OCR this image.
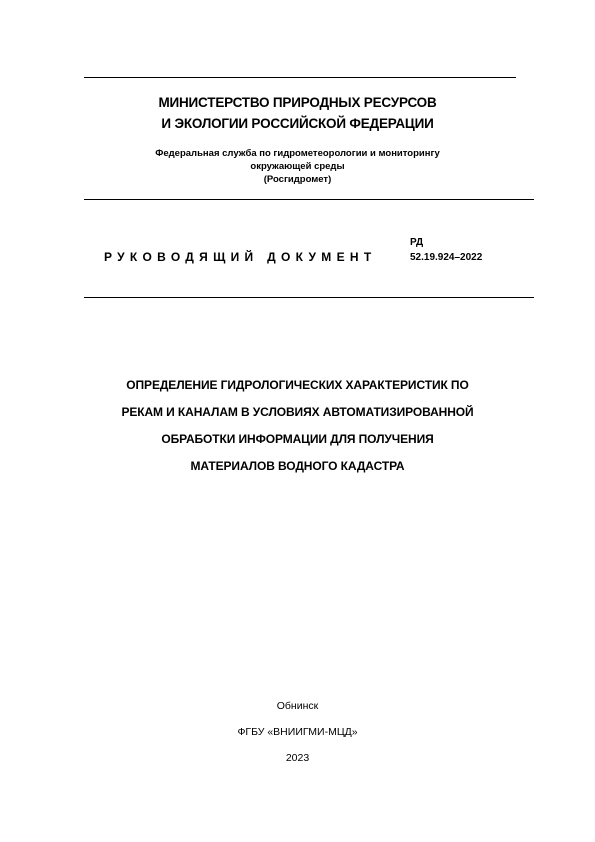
МИНИСТЕРСТВО ПРИРОДНЫХ РЕСУРСОВ
И ЭКОЛОГИИ РОССИЙСКОЙ ФЕДЕРАЦИИ
Федеральная служба по гидрометеорологии и мониторингу
окружающей среды
(Росгидромет)
РУКОВОДЯЩИЙ ДОКУМЕНТ
РД
52.19.924–2022
ОПРЕДЕЛЕНИЕ ГИДРОЛОГИЧЕСКИХ ХАРАКТЕРИСТИК ПО
РЕКАМ И КАНАЛАМ В УСЛОВИЯХ АВТОМАТИЗИРОВАННОЙ
ОБРАБОТКИ ИНФОРМАЦИИ ДЛЯ ПОЛУЧЕНИЯ
МАТЕРИАЛОВ ВОДНОГО КАДАСТРА
Обнинск
ФГБУ «ВНИИГМИ-МЦД»
2023
